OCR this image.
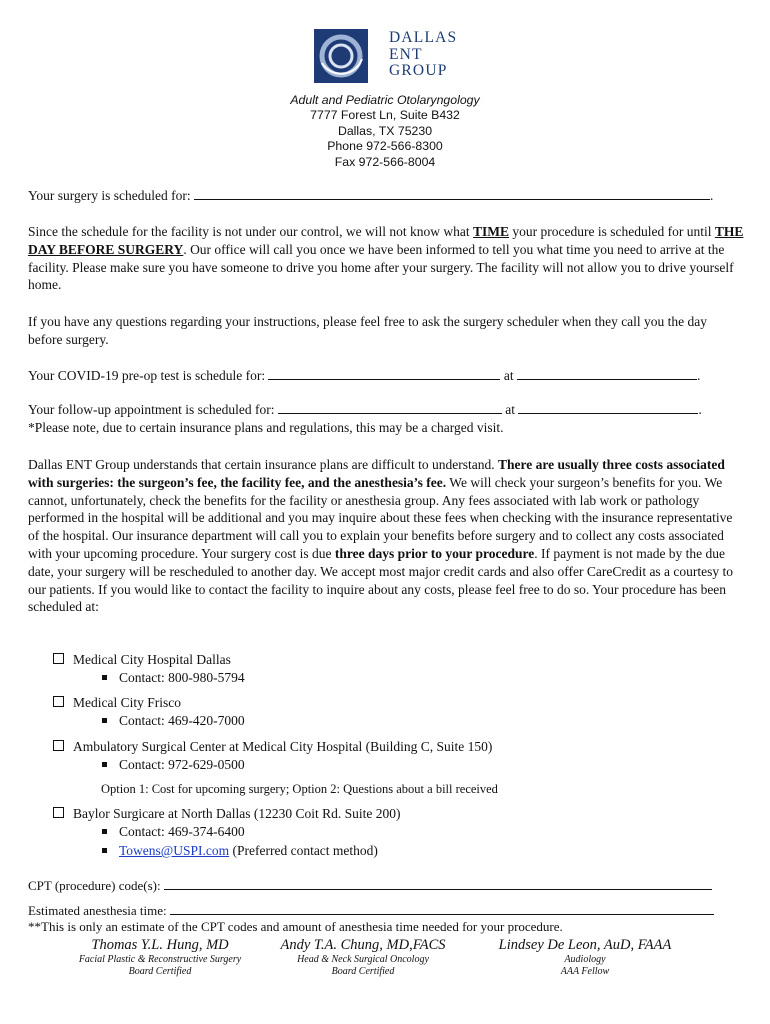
DALLAS
ENT
GROUP
Adult and Pediatric Otolaryngology
7777 Forest Ln, Suite B432
Dallas, TX 75230
Phone 972-566-8300
Fax 972-566-8004

Your surgery is scheduled for:	.

Since the schedule for the facility is not under our control, we will not know what TIME your procedure is scheduled for until THE DAY BEFORE SURGERY. Our office will call you once we have been informed to tell you what time you need to arrive at the facility. Please make sure you have someone to drive you home after your surgery. The facility will not allow you to drive yourself home.

If you have any questions regarding your instructions, please feel free to ask the surgery scheduler when they call you the day before surgery.

Your COVID-19 pre-op test is schedule for:	at	.

Your follow-up appointment is scheduled for:	at	.
*Please note, due to certain insurance plans and regulations, this may be a charged visit.

Dallas ENT Group understands that certain insurance plans are difficult to understand. There are usually three costs associated with surgeries: the surgeon’s fee, the facility fee, and the anesthesia’s fee. We will check your surgeon’s benefits for you. We cannot, unfortunately, check the benefits for the facility or anesthesia group. Any fees associated with lab work or pathology performed in the hospital will be additional and you may inquire about these fees when checking with the insurance representative of the hospital. Our insurance department will call you to explain your benefits before surgery and to collect any costs associated with your upcoming procedure. Your surgery cost is due three days prior to your procedure. If payment is not made by the due date, your surgery will be rescheduled to another day. We accept most major credit cards and also offer CareCredit as a courtesy to our patients. If you would like to contact the facility to inquire about any costs, please feel free to do so. Your procedure has been scheduled at:

Medical City Hospital Dallas
Contact: 800-980-5794
Medical City Frisco
Contact: 469-420-7000
Ambulatory Surgical Center at Medical City Hospital (Building C, Suite 150)
Contact: 972-629-0500
Option 1: Cost for upcoming surgery; Option 2: Questions about a bill received
Baylor Surgicare at North Dallas (12230 Coit Rd. Suite 200)
Contact: 469-374-6400
Towens@USPI.com (Preferred contact method)
CPT (procedure) code(s):
Estimated anesthesia time:
**This is only an estimate of the CPT codes and amount of anesthesia time needed for your procedure.
Thomas Y.L. Hung, MD
Facial Plastic & Reconstructive Surgery
Board Certified
Andy T.A. Chung, MD,FACS
Head & Neck Surgical Oncology
Board Certified
Lindsey De Leon, AuD, FAAA
Audiology
AAA Fellow
